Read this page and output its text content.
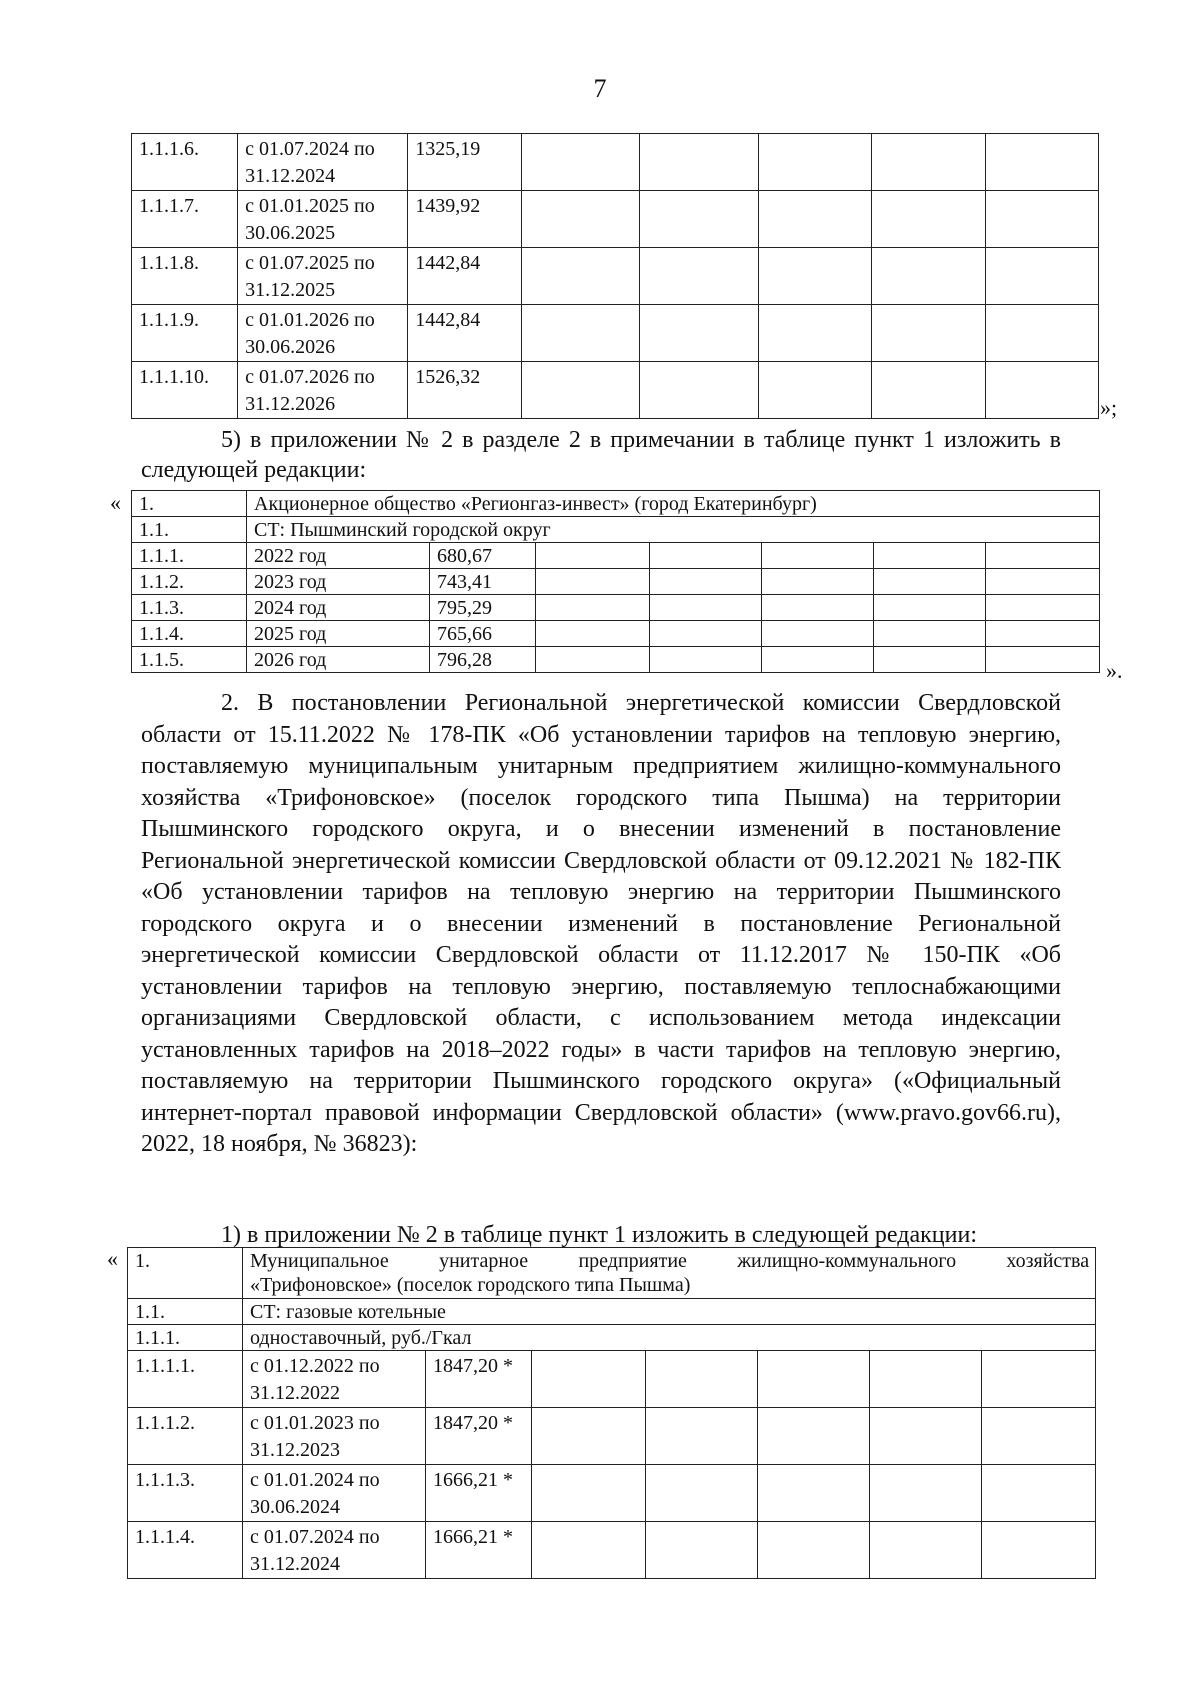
7
1.1.1.6.	с 01.07.2024 по
31.12.2024	1325,19					
1.1.1.7.	с 01.01.2025 по
30.06.2025	1439,92					
1.1.1.8.	с 01.07.2025 по
31.12.2025	1442,84					
1.1.1.9.	с 01.01.2026 по
30.06.2026	1442,84					
1.1.1.10.	с 01.07.2026 по
31.12.2026	1526,32					
»;
5) в приложении № 2 в разделе 2 в примечании в таблице пункт 1 изложить в следующей редакции:
« 1.	Акционерное общество «Регионгаз-инвест» (город Екатеринбург)						
1.1.	СТ: Пышминский городской округ						
1.1.1.	2022 год	680,67					
1.1.2.	2023 год	743,41					
1.1.3.	2024 год	795,29					
1.1.4.	2025 год	765,66					
1.1.5.	2026 год	796,28						».
2. В постановлении Региональной энергетической комиссии Свердловской области от 15.11.2022 № 178-ПК «Об установлении тарифов на тепловую энергию, поставляемую муниципальным унитарным предприятием жилищно-коммунального хозяйства «Трифоновское» (поселок городского типа Пышма) на территории Пышминского городского округа, и о внесении изменений в постановление Региональной энергетической комиссии Свердловской области от 09.12.2021 № 182-ПК «Об установлении тарифов на тепловую энергию на территории Пышминского городского округа и о внесении изменений в постановление Региональной энергетической комиссии Свердловской области от 11.12.2017 № 150-ПК «Об установлении тарифов на тепловую энергию, поставляемую теплоснабжающими организациями Свердловской области, с использованием метода индексации установленных тарифов на 2018–2022 годы» в части тарифов на тепловую энергию, поставляемую на территории Пышминского городского округа» («Официальный интернет-портал правовой информации Свердловской области» (www.pravo.gov66.ru), 2022, 18 ноября, № 36823):
1) в приложении № 2 в таблице пункт 1 изложить в следующей редакции:
« 1.	Муниципальное унитарное предприятие жилищно-коммунального хозяйства
«Трифоновское» (поселок городского типа Пышма)						

1.1.	СТ: газовые котельные						
1.1.1.	одноставочный, руб./Гкал						
1.1.1.1.	с 01.12.2022 по
31.12.2022	1847,20 *					
1.1.1.2.	с 01.01.2023 по
31.12.2023	1847,20 *					
1.1.1.3.	с 01.01.2024 по
30.06.2024	1666,21 *					
1.1.1.4.	с 01.07.2024 по
31.12.2024	1666,21 *					
